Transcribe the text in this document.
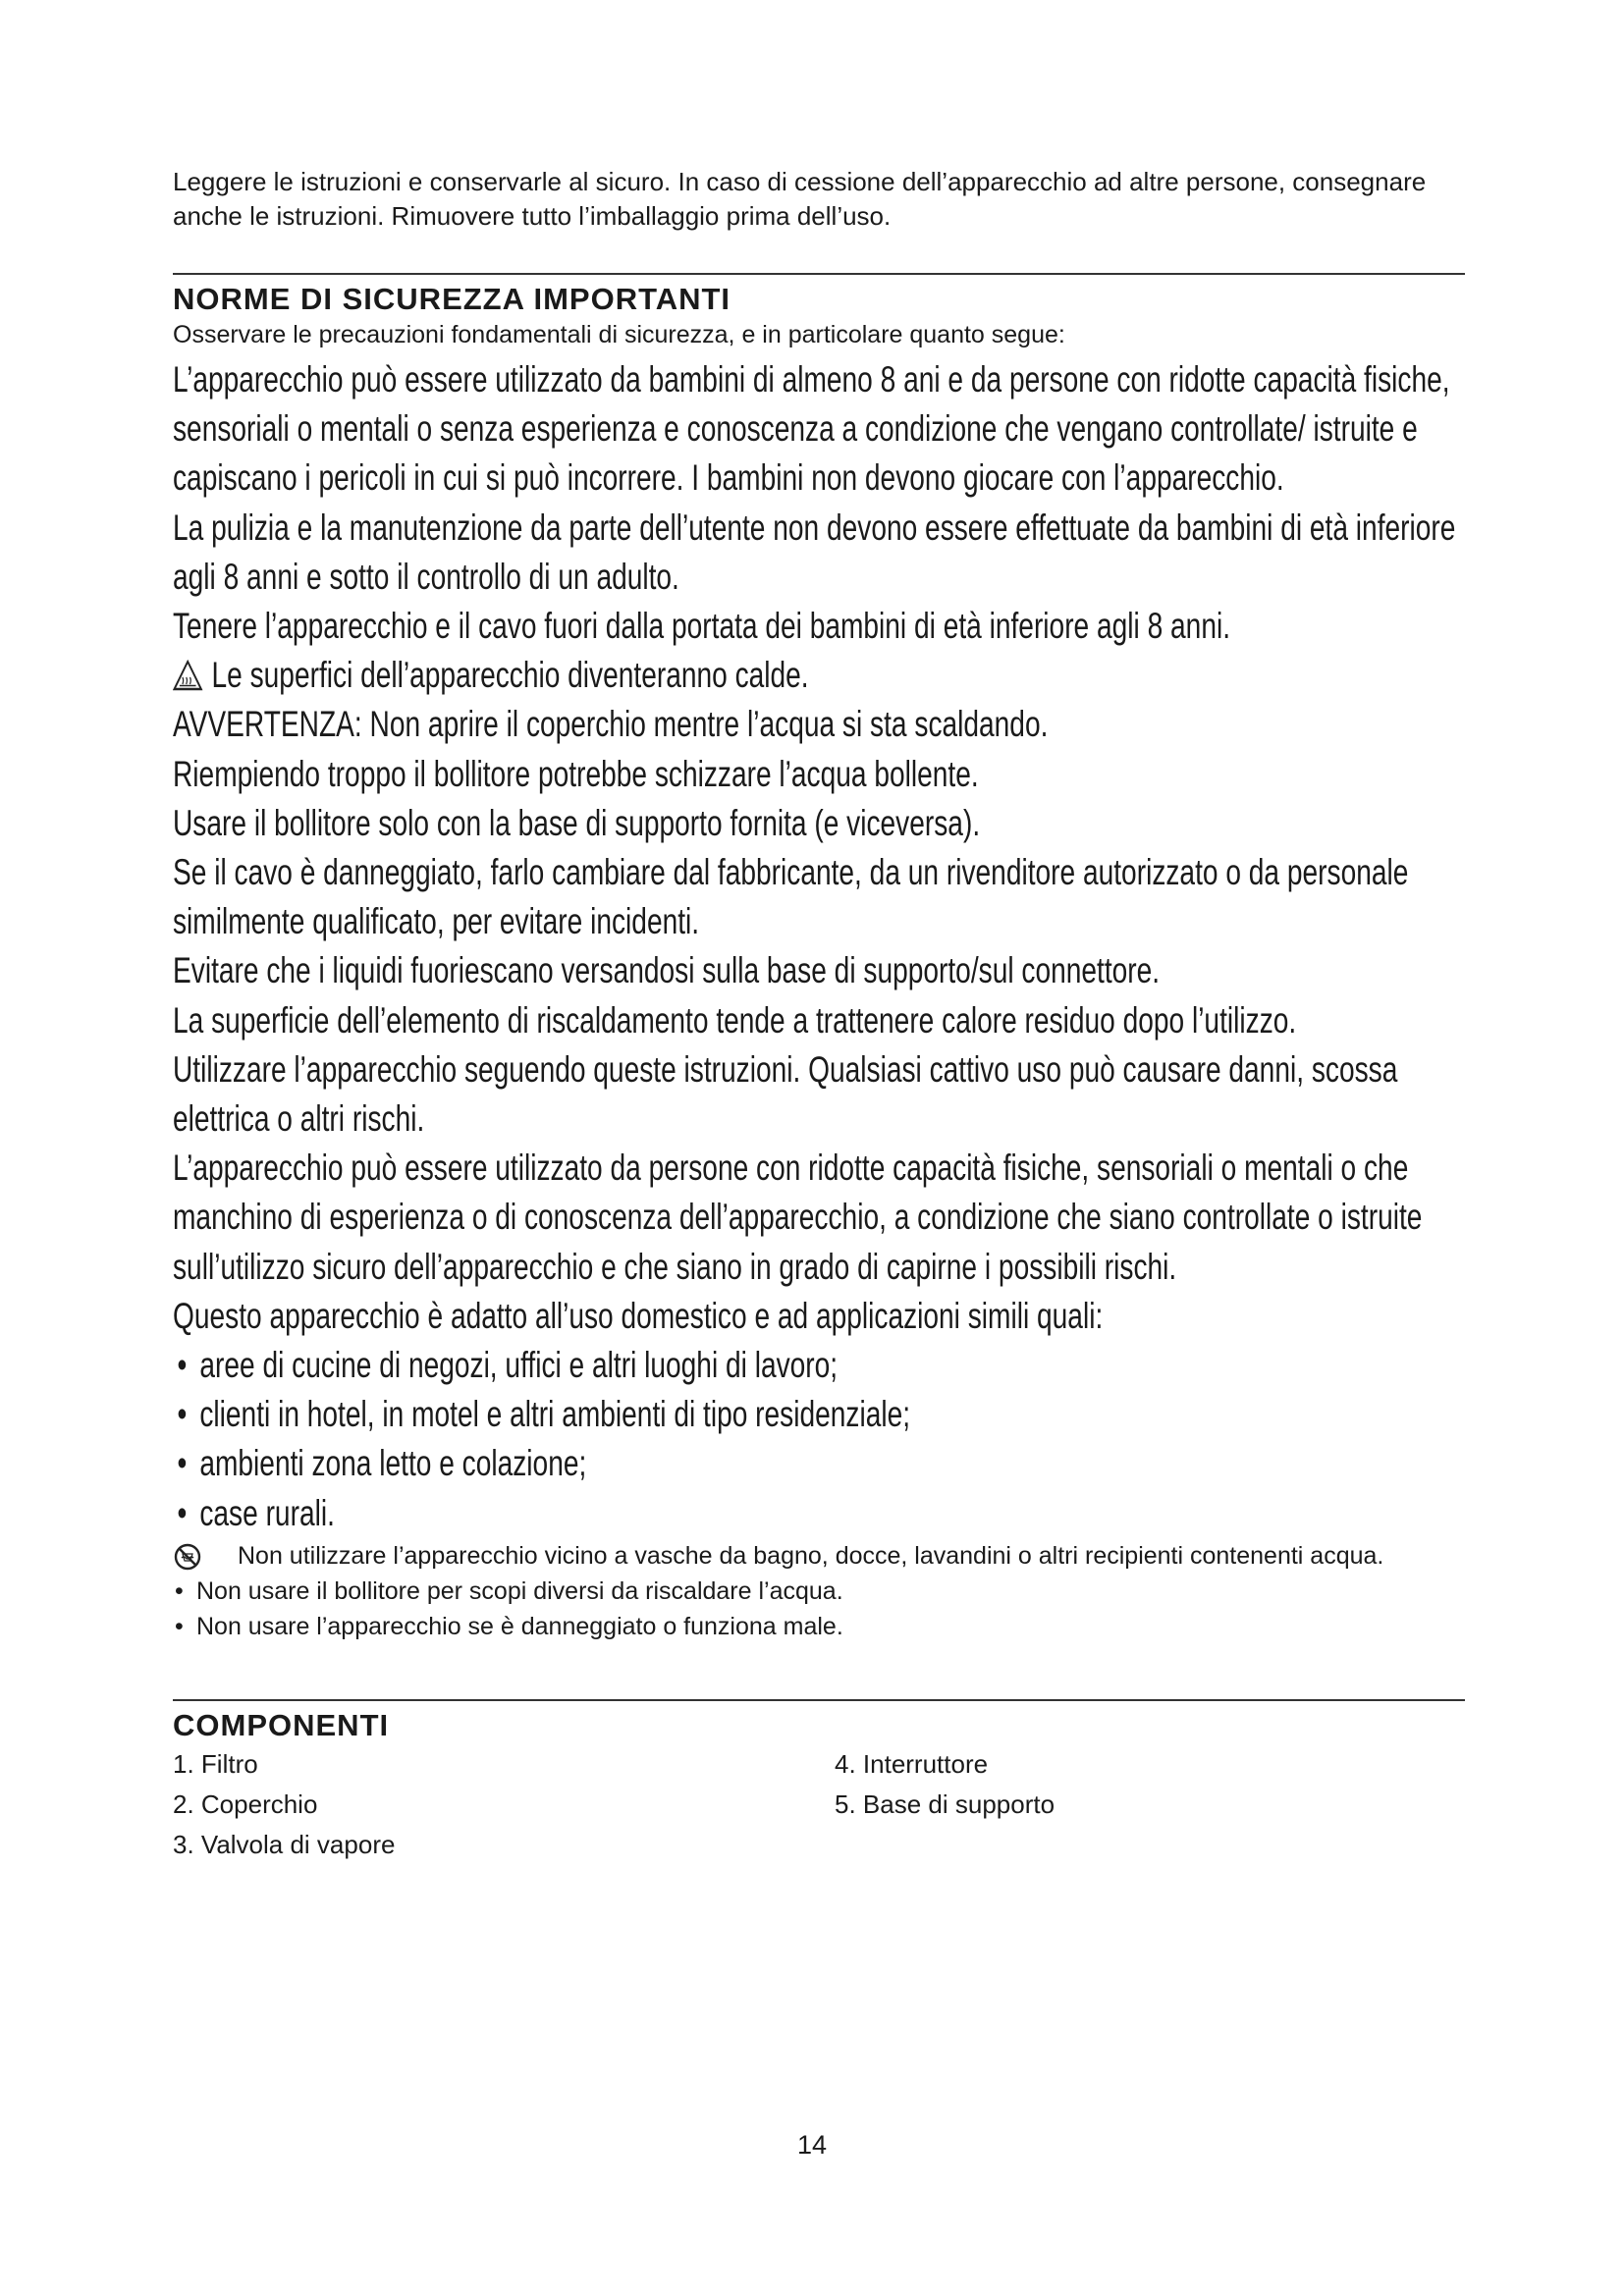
Leggere le istruzioni e conservarle al sicuro. In caso di cessione dell’apparecchio ad altre persone, consegnare anche le istruzioni. Rimuovere tutto l’imballaggio prima dell’uso.

NORME DI SICUREZZA IMPORTANTI

Osservare le precauzioni fondamentali di sicurezza, e in particolare quanto segue:

L’apparecchio può essere utilizzato da bambini di almeno 8 ani e da persone con ridotte capacità fisiche, sensoriali o mentali o senza esperienza e conoscenza a condizione che vengano controllate/ istruite e capiscano i pericoli in cui si può incorrere. I bambini non devono giocare con l’apparecchio.

La pulizia e la manutenzione da parte dell’utente non devono essere effettuate da bambini di età inferiore agli 8 anni e sotto il controllo di un adulto.

Tenere l’apparecchio e il cavo fuori dalla portata dei bambini di età inferiore agli 8 anni.

Le superfici dell’apparecchio diventeranno calde.

AVVERTENZA: Non aprire il coperchio mentre l’acqua si sta scaldando.

Riempiendo troppo il bollitore potrebbe schizzare l’acqua bollente.

Usare il bollitore solo con la base di supporto fornita (e viceversa).

Se il cavo è danneggiato, farlo cambiare dal fabbricante, da un rivenditore autorizzato o da personale similmente qualificato, per evitare incidenti.

Evitare che i liquidi fuoriescano versandosi sulla base di supporto/sul connettore.

La superficie dell’elemento di riscaldamento tende a trattenere calore residuo dopo l’utilizzo.

Utilizzare l’apparecchio seguendo queste istruzioni. Qualsiasi cattivo uso può causare danni, scossa elettrica o altri rischi.

L’apparecchio può essere utilizzato da persone con ridotte capacità fisiche, sensoriali o mentali o che manchino di esperienza o di conoscenza dell’apparecchio, a condizione che siano controllate o istruite sull’utilizzo sicuro dell’apparecchio e che siano in grado di capirne i possibili rischi.

Questo apparecchio è adatto all’uso domestico e ad applicazioni simili quali:

• aree di cucine di negozi, uffici e altri luoghi di lavoro;

• clienti in hotel, in motel e altri ambienti di tipo residenziale;

• ambienti zona letto e colazione;

• case rurali.

Non utilizzare l’apparecchio vicino a vasche da bagno, docce, lavandini o altri recipienti contenenti acqua.

• Non usare il bollitore per scopi diversi da riscaldare l’acqua.

• Non usare l’apparecchio se è danneggiato o funziona male.

COMPONENTI
1. Filtro
2. Coperchio
3. Valvola di vapore
4. Interruttore
5. Base di supporto
14
